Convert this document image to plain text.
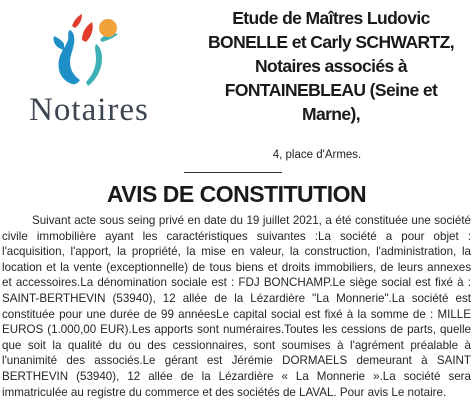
Notaires
Etude de Maîtres Ludovic
BONELLE et Carly SCHWARTZ,
Notaires associés à
FONTAINEBLEAU (Seine et
Marne),
4, place d'Armes.
AVIS DE CONSTITUTION
Suivant acte sous seing privé en date du 19 juillet 2021, a été constituée une société
civile immobilière ayant les caractéristiques suivantes :La société a pour objet :
l'acquisition, l'apport, la propriété, la mise en valeur, la construction, l'administration, la
location et la vente (exceptionnelle) de tous biens et droits immobiliers, de leurs annexes
et accessoires.La dénomination sociale est : FDJ BONCHAMP.Le siège social est fixé à :
SAINT-BERTHEVIN (53940), 12 allée de la Lézardière "La Monnerie".La société est
constituée pour une durée de 99 annéesLe capital social est fixé à la somme de : MILLE
EUROS (1.000,00 EUR).Les apports sont numéraires.Toutes les cessions de parts, quelle
que soit la qualité du ou des cessionnaires, sont soumises à l'agrément préalable à
l'unanimité des associés.Le gérant est Jérémie DORMAELS demeurant à SAINT
BERTHEVIN (53940), 12 allée de la Lézardière « La Monnerie ».La société sera
immatriculée au registre du commerce et des sociétés de LAVAL. Pour avis Le notaire.
